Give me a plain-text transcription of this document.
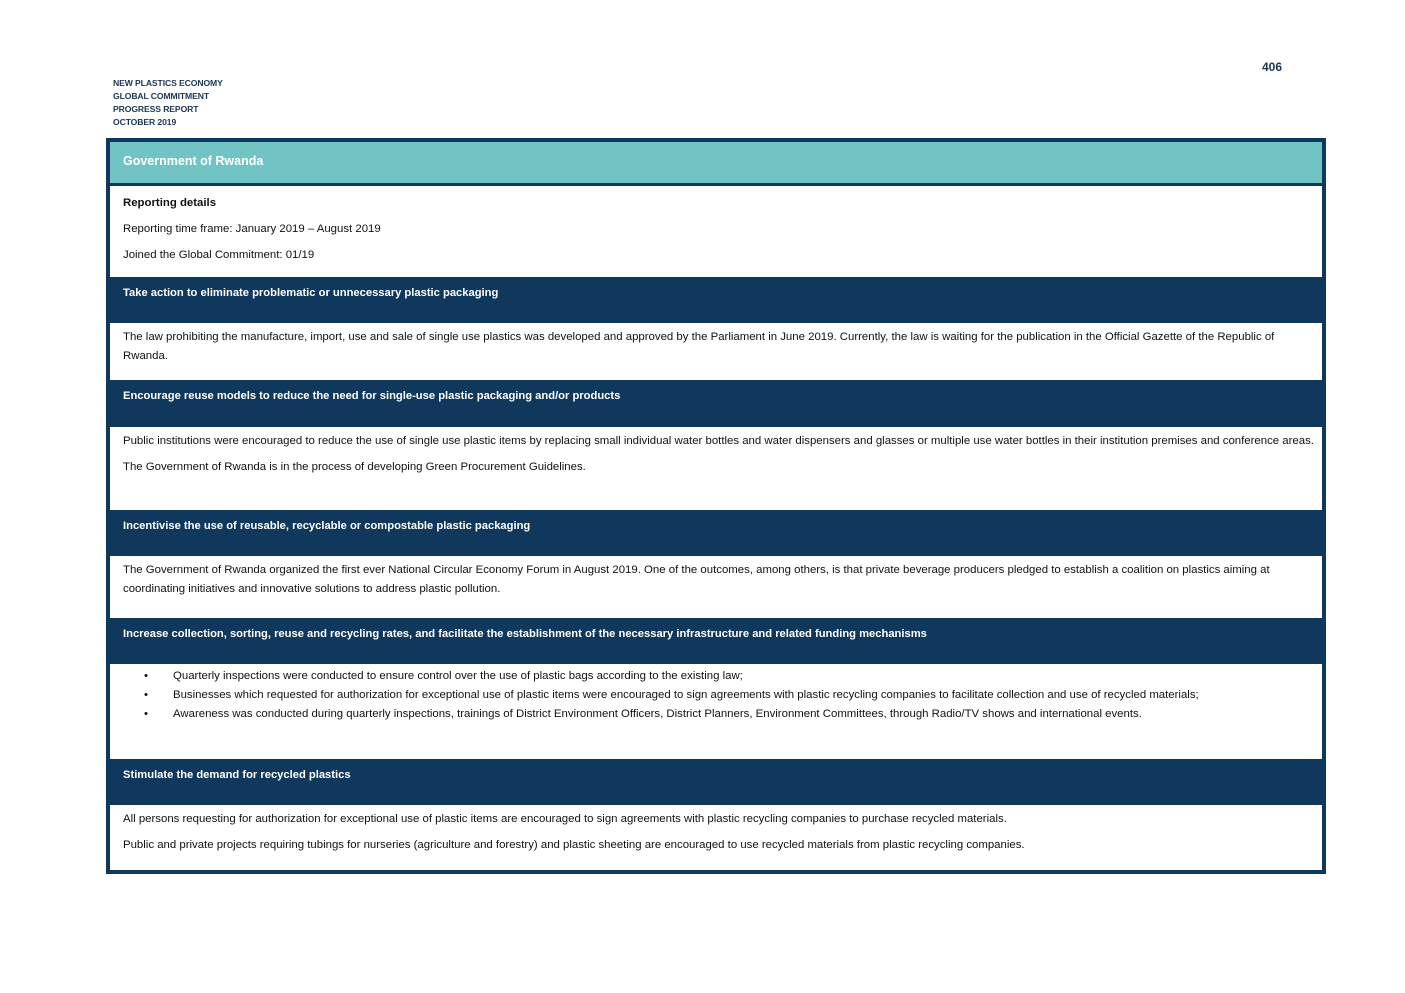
NEW PLASTICS ECONOMY
GLOBAL COMMITMENT
PROGRESS REPORT
OCTOBER 2019
406
Government of Rwanda

Reporting details

Reporting time frame: January 2019 – August 2019

Joined the Global Commitment: 01/19

Take action to eliminate problematic or unnecessary plastic packaging

The law prohibiting the manufacture, import, use and sale of single use plastics was developed and approved by the Parliament in June 2019. Currently, the law is waiting for the publication in the Official Gazette of the Republic of Rwanda.

Encourage reuse models to reduce the need for single-use plastic packaging and/or products

Public institutions were encouraged to reduce the use of single use plastic items by replacing small individual water bottles and water dispensers and glasses or multiple use water bottles in their institution premises and conference areas.

The Government of Rwanda is in the process of developing Green Procurement Guidelines.

Incentivise the use of reusable, recyclable or compostable plastic packaging

The Government of Rwanda organized the first ever National Circular Economy Forum in August 2019. One of the outcomes, among others, is that private beverage producers pledged to establish a coalition on plastics aiming at coordinating initiatives and innovative solutions to address plastic pollution.

Increase collection, sorting, reuse and recycling rates, and facilitate the establishment of the necessary infrastructure and related funding mechanisms
• Quarterly inspections were conducted to ensure control over the use of plastic bags according to the existing law;
• Businesses which requested for authorization for exceptional use of plastic items were encouraged to sign agreements with plastic recycling companies to facilitate collection and use of recycled materials;
• Awareness was conducted during quarterly inspections, trainings of District Environment Officers, District Planners, Environment Committees, through Radio/TV shows and international events.
Stimulate the demand for recycled plastics

All persons requesting for authorization for exceptional use of plastic items are encouraged to sign agreements with plastic recycling companies to purchase recycled materials.

Public and private projects requiring tubings for nurseries (agriculture and forestry) and plastic sheeting are encouraged to use recycled materials from plastic recycling companies.
